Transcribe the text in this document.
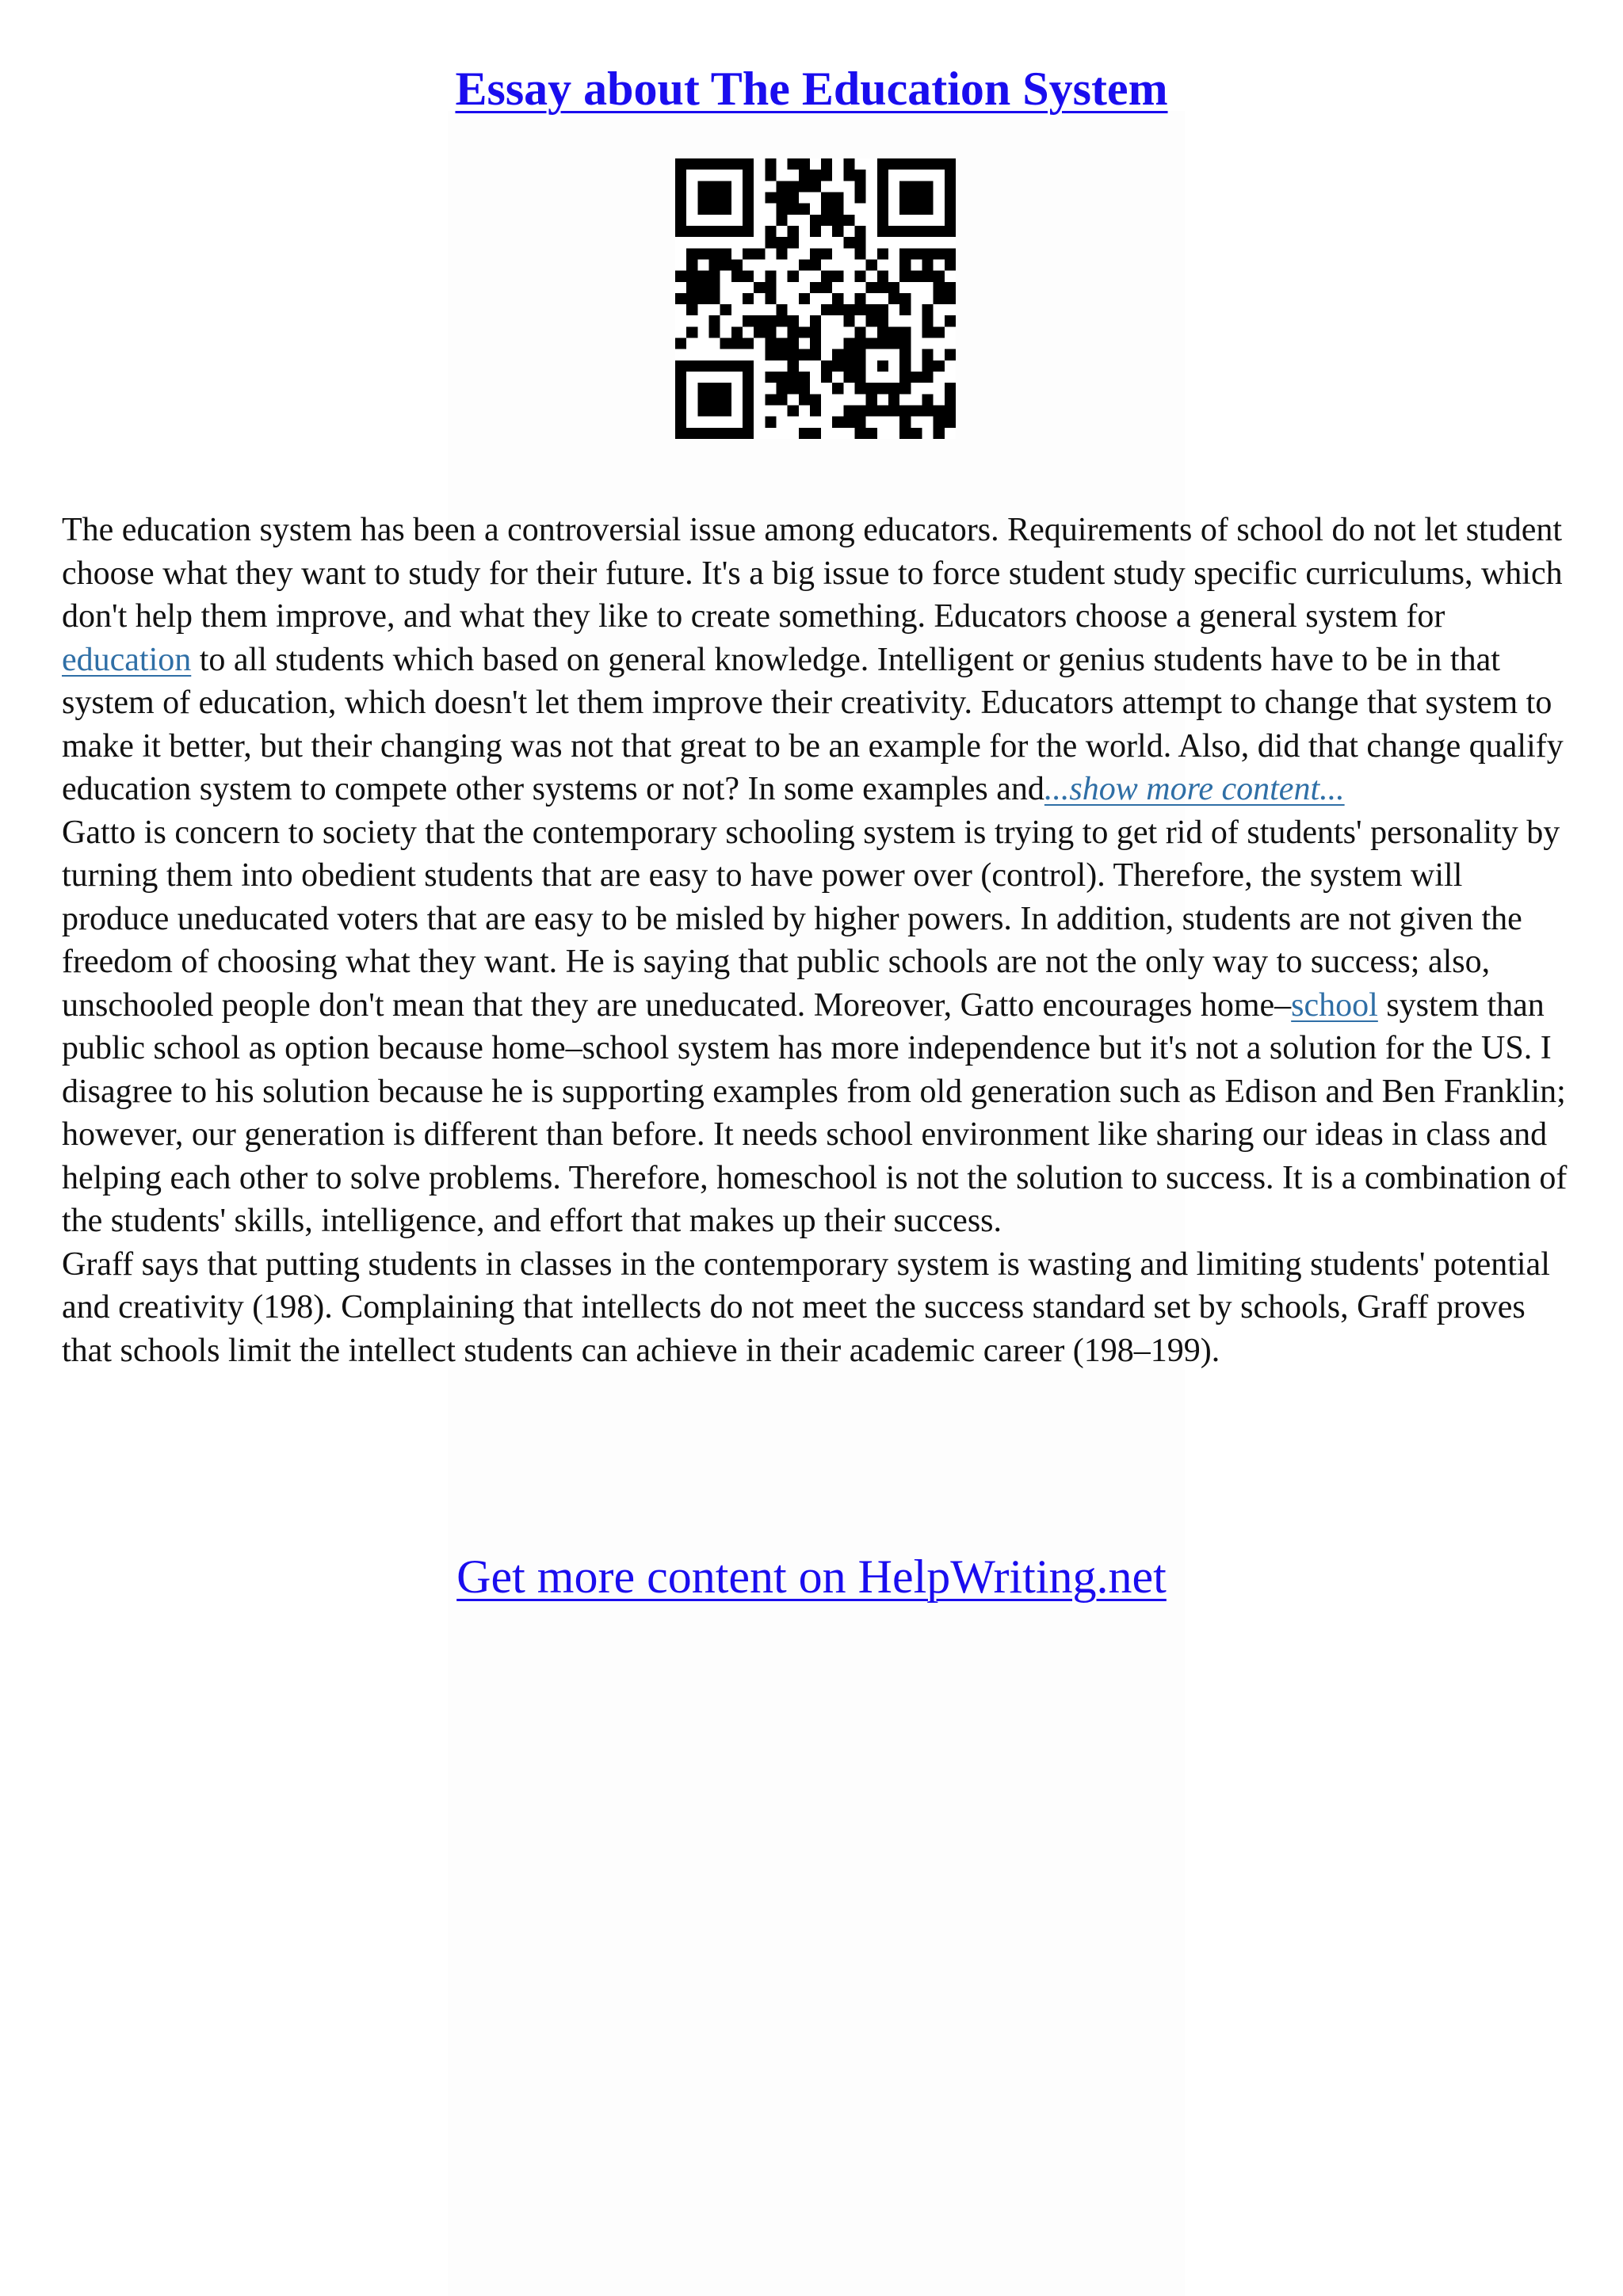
Essay about The Education System

The education system has been a controversial issue among educators. Requirements of school do not let student choose what they want to study for their future. It's a big issue to force student study specific curriculums, which don't help them improve, and what they like to create something. Educators choose a general system for education to all students which based on general knowledge. Intelligent or genius students have to be in that system of education, which doesn't let them improve their creativity. Educators attempt to change that system to make it better, but their changing was not that great to be an example for the world. Also, did that change qualify education system to compete other systems or not? In some examples and...show more content...

Gatto is concern to society that the contemporary schooling system is trying to get rid of students' personality by turning them into obedient students that are easy to have power over (control). Therefore, the system will produce uneducated voters that are easy to be misled by higher powers. In addition, students are not given the freedom of choosing what they want. He is saying that public schools are not the only way to success; also, unschooled people don't mean that they are uneducated. Moreover, Gatto encourages home–school system than public school as option because home–school system has more independence but it's not a solution for the US. I disagree to his solution because he is supporting examples from old generation such as Edison and Ben Franklin; however, our generation is different than before. It needs school environment like sharing our ideas in class and helping each other to solve problems. Therefore, homeschool is not the solution to success. It is a combination of the students' skills, intelligence, and effort that makes up their success.

Graff says that putting students in classes in the contemporary system is wasting and limiting students' potential and creativity (198). Complaining that intellects do not meet the success standard set by schools, Graff proves that schools limit the intellect students can achieve in their academic career (198–199).

Get more content on HelpWriting.net
